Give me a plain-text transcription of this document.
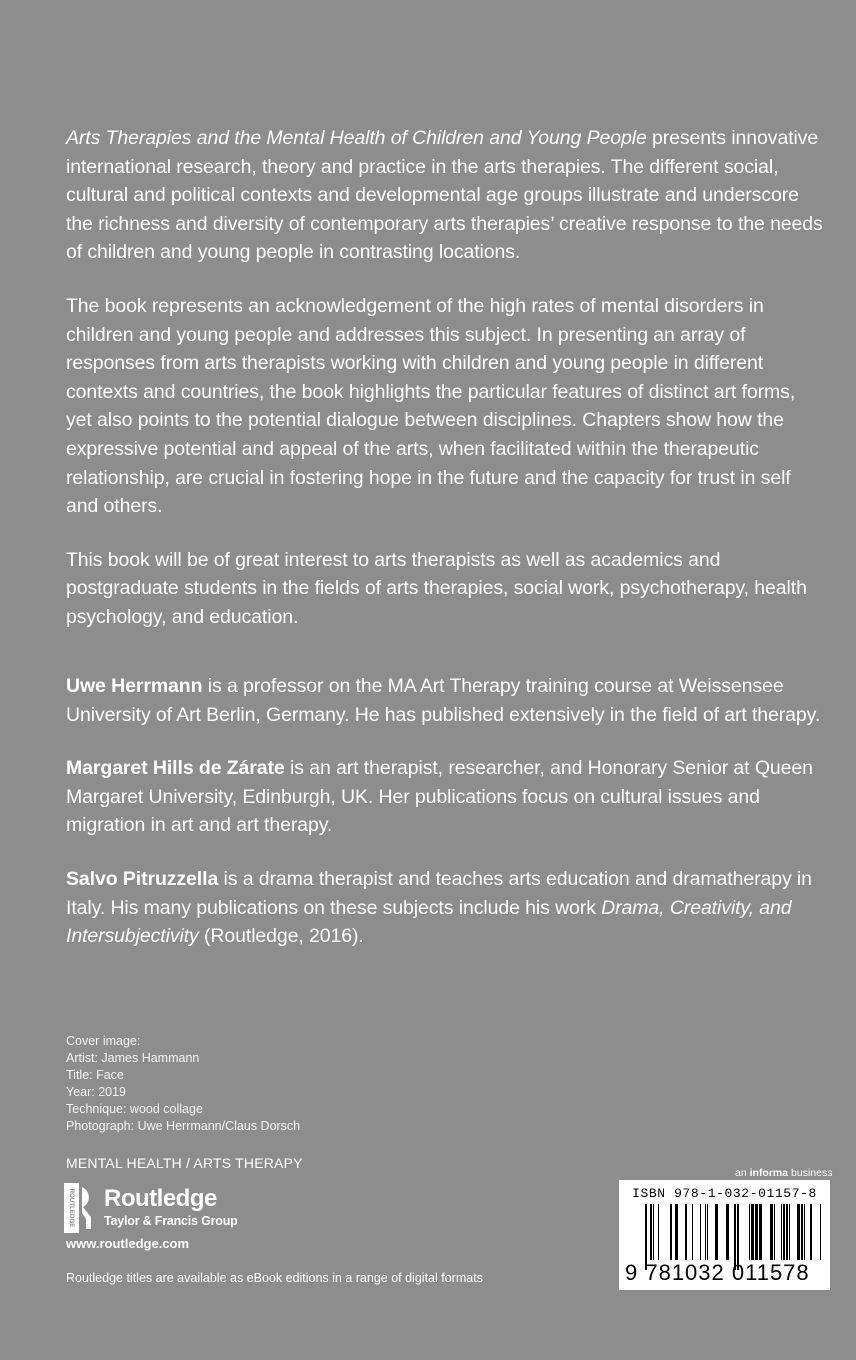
Arts Therapies and the Mental Health of Children and Young People presents innovative international research, theory and practice in the arts therapies. The different social, cultural and political contexts and developmental age groups illustrate and underscore the richness and diversity of contemporary arts therapies’ creative response to the needs of children and young people in contrasting locations.

The book represents an acknowledgement of the high rates of mental disorders in children and young people and addresses this subject. In presenting an array of responses from arts therapists working with children and young people in different contexts and countries, the book highlights the particular features of distinct art forms, yet also points to the potential dialogue between disciplines. Chapters show how the expressive potential and appeal of the arts, when facilitated within the therapeutic relationship, are crucial in fostering hope in the future and the capacity for trust in self and others.

This book will be of great interest to arts therapists as well as academics and postgraduate students in the fields of arts therapies, social work, psychotherapy, health psychology, and education.

Uwe Herrmann is a professor on the MA Art Therapy training course at Weissensee University of Art Berlin, Germany. He has published extensively in the field of art therapy.

Margaret Hills de Zárate is an art therapist, researcher, and Honorary Senior at Queen Margaret University, Edinburgh, UK. Her publications focus on cultural issues and migration in art and art therapy.

Salvo Pitruzzella is a drama therapist and teaches arts education and dramatherapy in Italy. His many publications on these subjects include his work Drama, Creativity, and Intersubjectivity (Routledge, 2016).

Cover image:
Artist: James Hammann
Title: Face
Year: 2019
Technique: wood collage
Photograph: Uwe Herrmann/Claus Dorsch
MENTAL HEALTH / ARTS THERAPY
ROUTLEDGE Routledge
Taylor & Francis Group
www.routledge.com
Routledge titles are available as eBook editions in a range of digital formats
an informa business
ISBN 978-1-032-01157-8
9 781032 011578
